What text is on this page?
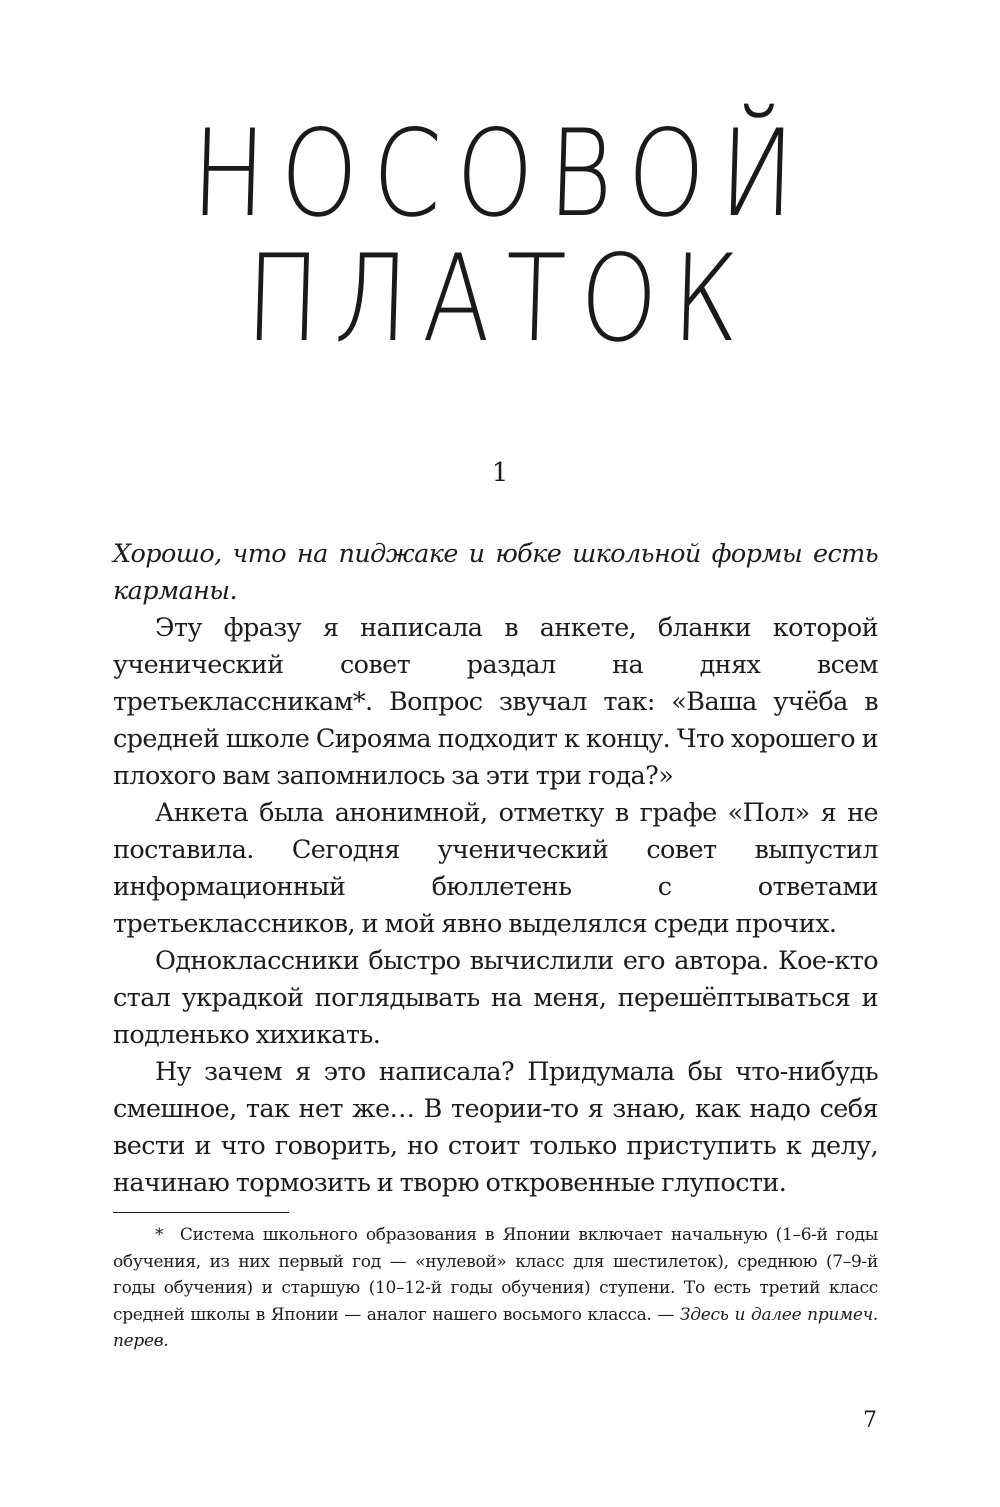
НОСОВОЙ
ПЛАТОК
1

Хорошо, что на пиджаке и юбке школьной формы есть карманы.

Эту фразу я написала в анкете, бланки которой ученический совет раздал на днях всем третьеклассникам*. Вопрос звучал так: «Ваша учёба в средней школе Сирояма подходит к концу. Что хорошего и плохого вам запомнилось за эти три года?»

Анкета была анонимной, отметку в графе «Пол» я не поставила. Сегодня ученический совет выпустил информационный бюллетень с ответами третьеклассников, и мой явно выделялся среди прочих.

Одноклассники быстро вычислили его автора. Кое-кто стал украдкой поглядывать на меня, перешёптываться и подленько хихикать.

Ну зачем я это написала? Придумала бы что-нибудь смешное, так нет же… В теории-то я знаю, как надо себя вести и что говорить, но стоит только приступить к делу, начинаю тормозить и творю откровенные глупости.

* Система школьного образования в Японии включает начальную (1–6-й годы обучения, из них первый год — «нулевой» класс для шестилеток), среднюю (7–9-й годы обучения) и старшую (10–12-й годы обучения) ступени. То есть третий класс средней школы в Японии — аналог нашего восьмого класса. — Здесь и далее примеч. перев.

7
